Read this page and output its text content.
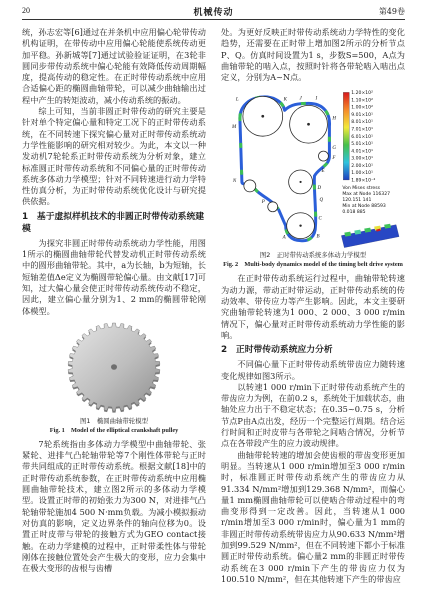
20	机械传动	第49卷

统，孙志宏等[6]通过在并条机中应用偏心轮带传动机构证明，在带传动中应用偏心轮能使系统传动更加平稳。孙新城等[7]通过试验验证证明，在3轮非圆同步带传动系统中偏心轮能有效降低传动周期幅度，提高传动的稳定性。在正时带传动系统中应用合适偏心距的椭圆曲轴带轮，可以减少曲轴输出过程中产生的转矩波动，减小传动系统的振动。

综上可知，当前非圆正时带传动的研究主要是针对单个特定偏心量和特定工况下的正时带传动系统，在不同转速下探究偏心量对正时带传动系统动力学性能影响的研究相对较少。为此，本文以一种发动机7轮轮系正时带传动系统为分析对象，建立标准圆正时带传动系统和不同偏心量的正时带传动系统多体动力学模型；针对不同转速进行动力学特性仿真分析，为正时带传动系统优化设计与研究提供依据。

1　基于虚拟样机技术的非圆正时带传动系统建模

为探究非圆正时带传动系统动力学性能，用图1所示的椭圆曲轴带轮代替发动机正时带传动系统中的圆形曲轴带轮。其中，a为长轴，b为短轴，长短轴差值Δe定义为椭圆带轮偏心量。由文献[17]可知，过大偏心量会使正时带传动系统传动不稳定，因此，建立偏心量分别为1、2 mm的椭圆带轮刚体模型。

图1　椭圆曲轴带轮模型
Fig. 1　Model of the elliptical crankshaft pulley

7轮系统指由多体动力学模型中曲轴带轮、张紧轮、进排气凸轮轴带轮等7个刚性体带轮与正时带共同组成的正时带传动系统。根据文献[18]中的正时带传动系统参数，在正时带传动系统中应用椭圆曲轴带轮技术，建立图2所示的多体动力学模型。设置正时带的初始张力为300 N，对进排气凸轮轴带轮施加4 500 N·mm负载。为减小模拟振动对仿真的影响，定义边界条件的轴向位移为0。设置正时皮带与带轮的接触方式为GEO contact接触。在动力学建模的过程中，正时带柔性体与带轮刚体在接触位置处会产生极大的变形，应力会集中在极大变形的齿根与齿槽

处。为更好反映正时带传动系统动力学特性的变化趋势，还需要在正时带上增加图2所示的分析节点P、Q。仿真时间设置为1 s，步数S=500，A点为曲轴带轮的啮入点，按照时针将各带轮啮入啮出点定义，分别为A~N点。

A	B
C
D
E
F
G
H
I
J
K
L
M
N
P	Q
1.20×10²
1.10×10²
1.00×10²
9.01×10¹
8.01×10¹
7.01×10¹
6.01×10¹
5.01×10¹
4.01×10¹
3.00×10¹
2.00×10¹
1.00×10¹
1.89×10⁻²
Von Mises stress
Max at Node 116327
120.151 141
Min at Node 88593
0.018 885
图2　正时带传动系统多体动力学模型
Fig. 2　Multi-body dynamics model of the timing belt drive system

在正时带传动系统运行过程中，曲轴带轮转速为动力源，带动正时带运动，正时带传动系统的传动效率、带传应力等产生影响。因此，本文主要研究曲轴带轮转速为1 000、2 000、3 000 r/min情况下，偏心量对正时带传动系统动力学性能的影响。

2　正时带传动系统应力分析

不同偏心量下正时带传动系统带齿应力随转速变化规律如图3所示。

以转速1 000 r/min下正时带传动系统产生的带齿应力为例，在前0.2 s，系统处于加载状态，曲轴处应力出于不稳定状态；在0.35~0.75 s，分析节点P由A点出发，经历一个完整运行周期。结合运行时间和正时皮带与各带轮之间啮合情况，分析节点在各带段产生的应力波动规律。

曲轴带轮转速的增加会使齿根的带齿变形更加明显。当转速从1 000 r/min增加至3 000 r/min时，标准圆正时带传动系统产生的带齿应力从91.334 N/mm²增加到129.368 N/mm²，而偏心量1 mm椭圆曲轴带轮可以使啮合带动过程中的弯曲变形得到一定改善。因此，当转速从1 000 r/min增加至3 000 r/min时，偏心量为1 mm的非圆正时带传动系统带齿应力从90.633 N/mm²增加到99.529 N/mm²，但在不同转速下都小于标准圆正时带传动系统。偏心量2 mm的非圆正时带传动系统在3 000 r/min下产生的带齿应力仅为100.510 N/mm²，但在其他转速下产生的带齿应
